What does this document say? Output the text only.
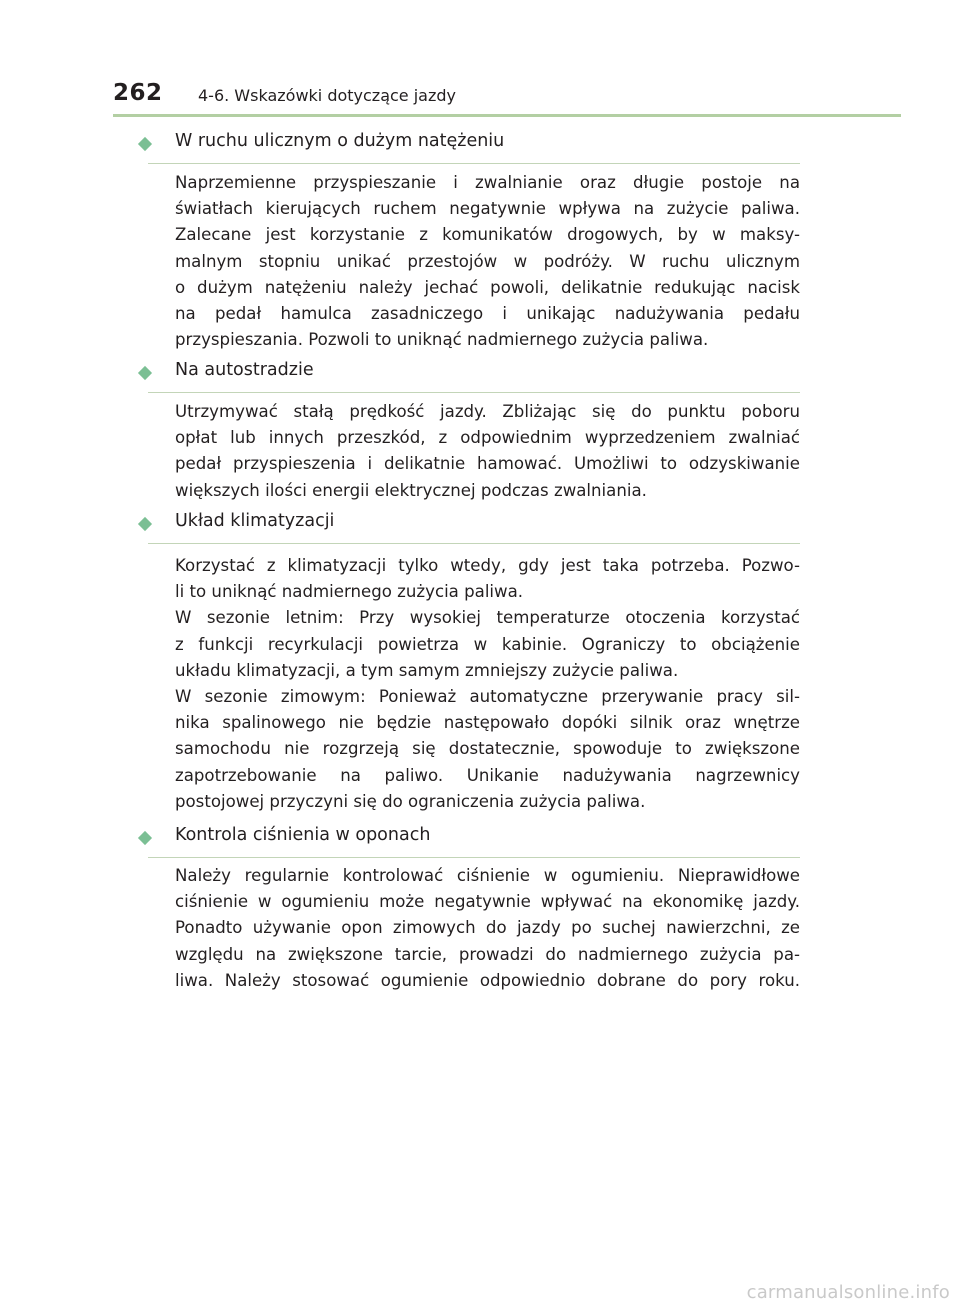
262 4-6. Wskazówki dotyczące jazdy
W ruchu ulicznym o dużym natężeniu
Naprzemienne przyspieszanie i zwalnianie oraz długie postoje na
światłach kierujących ruchem negatywnie wpływa na zużycie paliwa.
Zalecane jest korzystanie z komunikatów drogowych, by w maksy-
malnym stopniu unikać przestojów w podróży. W ruchu ulicznym
o dużym natężeniu należy jechać powoli, delikatnie redukując nacisk
na pedał hamulca zasadniczego i unikając nadużywania pedału
przyspieszania. Pozwoli to uniknąć nadmiernego zużycia paliwa.
Na autostradzie
Utrzymywać stałą prędkość jazdy. Zbliżając się do punktu poboru
opłat lub innych przeszkód, z odpowiednim wyprzedzeniem zwalniać
pedał przyspieszenia i delikatnie hamować. Umożliwi to odzyskiwanie
większych ilości energii elektrycznej podczas zwalniania.
Układ klimatyzacji
Korzystać z klimatyzacji tylko wtedy, gdy jest taka potrzeba. Pozwo-
li to uniknąć nadmiernego zużycia paliwa.
W sezonie letnim: Przy wysokiej temperaturze otoczenia korzystać
z funkcji recyrkulacji powietrza w kabinie. Ograniczy to obciążenie
układu klimatyzacji, a tym samym zmniejszy zużycie paliwa.
W sezonie zimowym: Ponieważ automatyczne przerywanie pracy sil-
nika spalinowego nie będzie następowało dopóki silnik oraz wnętrze
samochodu nie rozgrzeją się dostatecznie, spowoduje to zwiększone
zapotrzebowanie na paliwo. Unikanie nadużywania nagrzewnicy
postojowej przyczyni się do ograniczenia zużycia paliwa.
Kontrola ciśnienia w oponach
Należy regularnie kontrolować ciśnienie w ogumieniu. Nieprawidłowe
ciśnienie w ogumieniu może negatywnie wpływać na ekonomikę jazdy.
Ponadto używanie opon zimowych do jazdy po suchej nawierzchni, ze
względu na zwiększone tarcie, prowadzi do nadmiernego zużycia pa-
liwa. Należy stosować ogumienie odpowiednio dobrane do pory roku.
carmanualsonline.info
